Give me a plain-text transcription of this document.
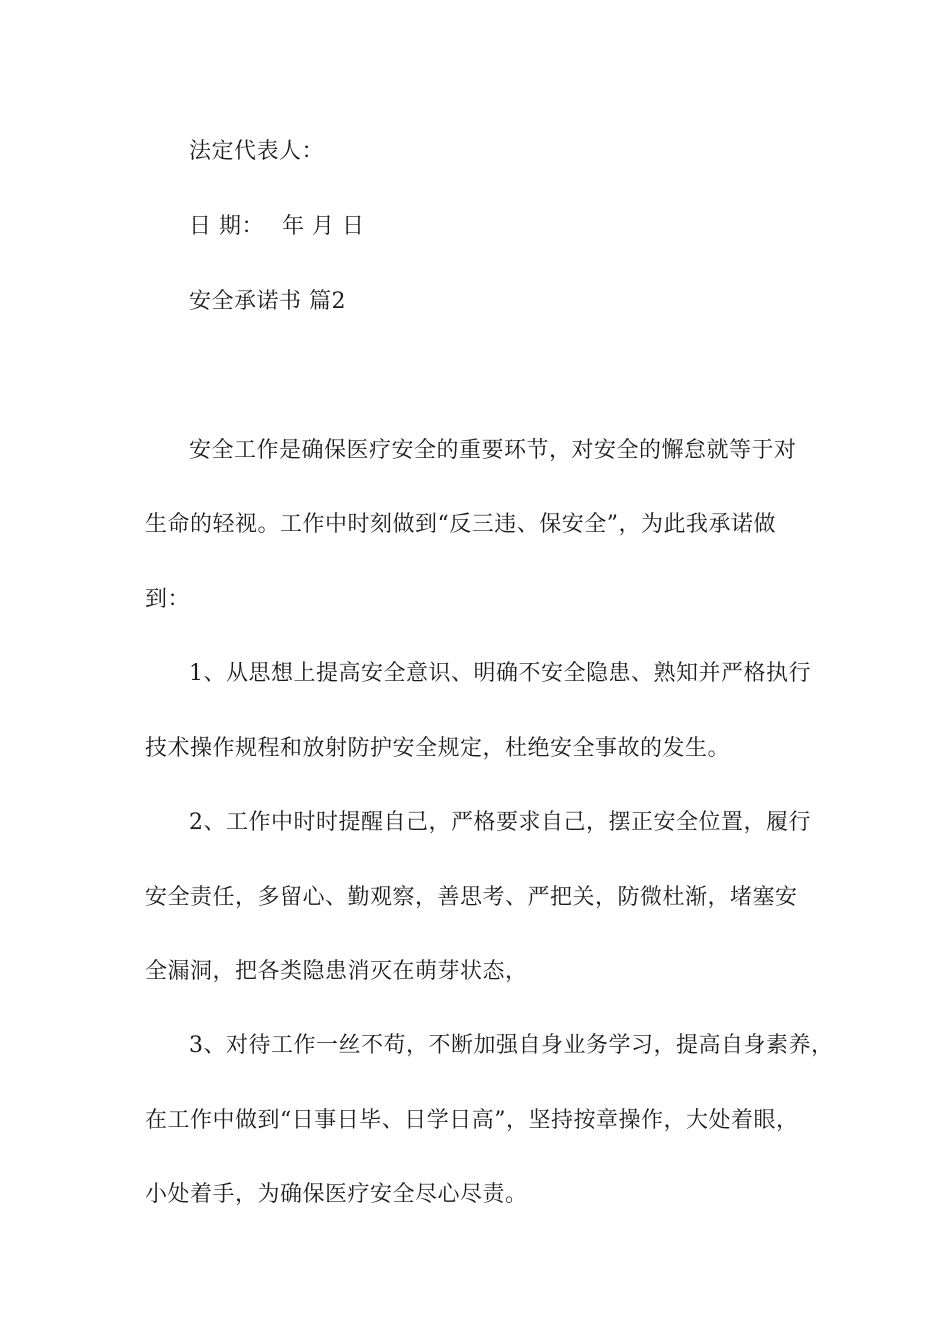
法定代表人：
日 期： 年 月 日
安全承诺书 篇2
安全工作是确保医疗安全的重要环节，对安全的懈怠就等于对
生命的轻视。工作中时刻做到“反三违、保安全”，为此我承诺做
到：
1、从思想上提高安全意识、明确不安全隐患、熟知并严格执行
技术操作规程和放射防护安全规定，杜绝安全事故的发生。
2、工作中时时提醒自己，严格要求自己，摆正安全位置，履行
安全责任，多留心、勤观察，善思考、严把关，防微杜渐，堵塞安
全漏洞，把各类隐患消灭在萌芽状态，
3、对待工作一丝不苟，不断加强自身业务学习，提高自身素养，
在工作中做到“日事日毕、日学日高”，坚持按章操作，大处着眼，
小处着手，为确保医疗安全尽心尽责。
